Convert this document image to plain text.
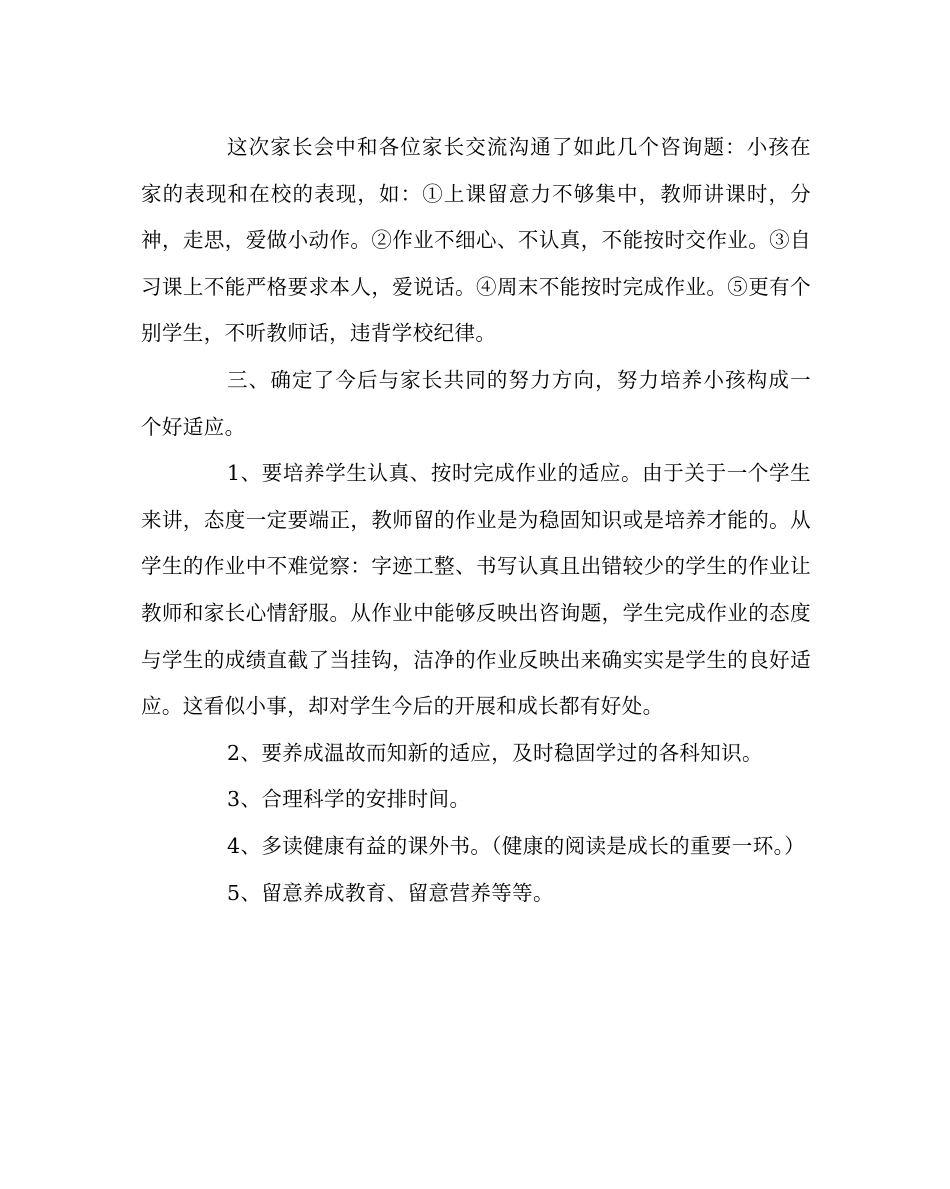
这次家长会中和各位家长交流沟通了如此几个咨询题：小孩在家的表现和在校的表现，如：①上课留意力不够集中，教师讲课时，分神，走思，爱做小动作。②作业不细心、不认真，不能按时交作业。③自习课上不能严格要求本人，爱说话。④周末不能按时完成作业。⑤更有个别学生，不听教师话，违背学校纪律。

三、确定了今后与家长共同的努力方向，努力培养小孩构成一个好适应。

1、要培养学生认真、按时完成作业的适应。由于关于一个学生来讲，态度一定要端正，教师留的作业是为稳固知识或是培养才能的。从学生的作业中不难觉察：字迹工整、书写认真且出错较少的学生的作业让教师和家长心情舒服。从作业中能够反映出咨询题，学生完成作业的态度与学生的成绩直截了当挂钩，洁净的作业反映出来确实实是学生的良好适应。这看似小事，却对学生今后的开展和成长都有好处。

2、要养成温故而知新的适应，及时稳固学过的各科知识。

3、合理科学的安排时间。

4、多读健康有益的课外书。（健康的阅读是成长的重要一环。）

5、留意养成教育、留意营养等等。
